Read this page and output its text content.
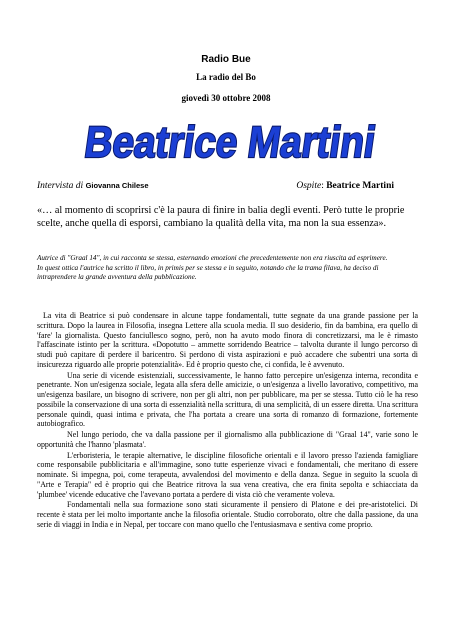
Radio Bue
La radio del Bo
giovedì 30 ottobre 2008
Beatrice Martini
Intervista di Giovanna Chilese	Ospite: Beatrice Martini
«… al momento di scoprirsi c'è la paura di finire in balia degli eventi. Però tutte le proprie scelte, anche quella di esporsi, cambiano la qualità della vita, ma non la sua essenza».

Autrice di "Graal 14", in cui racconta se stessa, esternando emozioni che precedentemente non era riuscita ad esprimere.

In quest ottica l'autrice ha scritto il libro, in primis per se stessa e in seguito, notando che la trama filava, ha deciso di intraprendere la grande avventura della pubblicazione.

La vita di Beatrice si può condensare in alcune tappe fondamentali, tutte segnate da una grande passione per la scrittura. Dopo la laurea in Filosofia, insegna Lettere alla scuola media. Il suo desiderio, fin da bambina, era quello di 'fare' la giornalista. Questo fanciullesco sogno, però, non ha avuto modo finora di concretizzarsi, ma le è rimasto l'affascinate istinto per la scrittura. «Dopotutto – ammette sorridendo Beatrice – talvolta durante il lungo percorso di studi può capitare di perdere il baricentro. Si perdono di vista aspirazioni e può accadere che subentri una sorta di insicurezza riguardo alle proprie potenzialità». Ed è proprio questo che, ci confida, le è avvenuto.

Una serie di vicende esistenziali, successivamente, le hanno fatto percepire un'esigenza interna, recondita e penetrante. Non un'esigenza sociale, legata alla sfera delle amicizie, o un'esigenza a livello lavorativo, competitivo, ma un'esigenza basilare, un bisogno di scrivere, non per gli altri, non per pubblicare, ma per se stessa. Tutto ciò le ha reso possibile la conservazione di una sorta di essenzialità nella scrittura, di una semplicità, di un essere diretta. Una scrittura personale quindi, quasi intima e privata, che l'ha portata a creare una sorta di romanzo di formazione, fortemente autobiografico.

Nel lungo periodo, che va dalla passione per il giornalismo alla pubblicazione di "Graal 14", varie sono le opportunità che l'hanno 'plasmata'.

L'erboristeria, le terapie alternative, le discipline filosofiche orientali e il lavoro presso l'azienda famigliare come responsabile pubblicitaria e all'immagine, sono tutte esperienze vivaci e fondamentali, che meritano di essere nominate. Si impegna, poi, come terapeuta, avvalendosi del movimento e della danza. Segue in seguito la scuola di "Arte e Terapia" ed è proprio qui che Beatrice ritrova la sua vena creativa, che era finita sepolta e schiacciata da 'plumbee' vicende educative che l'avevano portata a perdere di vista ciò che veramente voleva.

Fondamentali nella sua formazione sono stati sicuramente il pensiero di Platone e dei pre-aristotelici. Di recente è stata per lei molto importante anche la filosofia orientale. Studio corroborato, oltre che dalla passione, da una serie di viaggi in India e in Nepal, per toccare con mano quello che l'entusiasmava e sentiva come proprio.
